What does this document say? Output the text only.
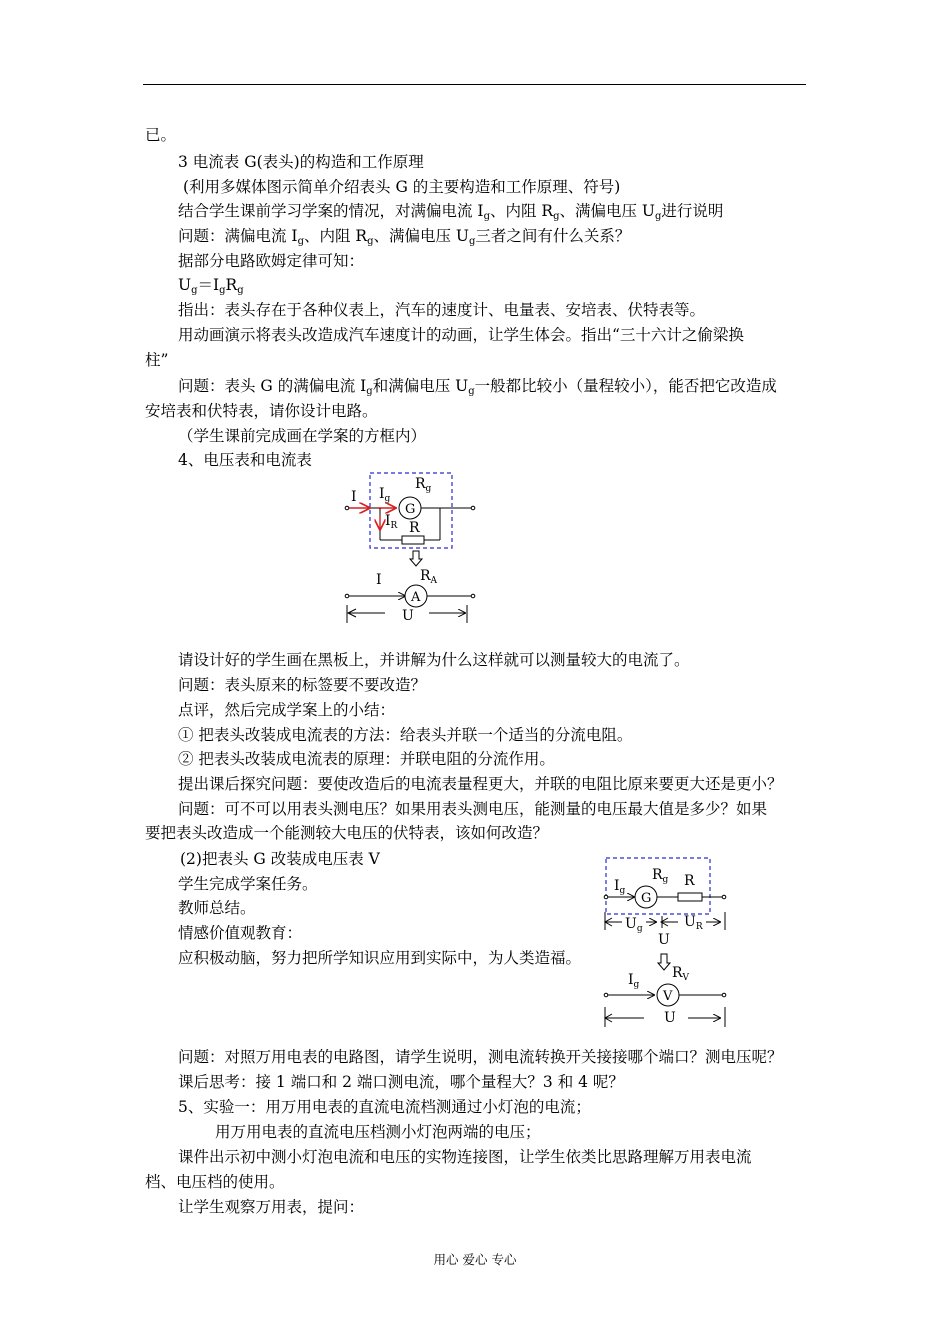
已。
3 电流表 G(表头)的构造和工作原理
(利用多媒体图示简单介绍表头 G 的主要构造和工作原理、符号)
结合学生课前学习学案的情况，对满偏电流 $I_g$、内阻 $R_g$、满偏电压 $U_g$进行说明
问题：满偏电流 $I_g$、内阻 $R_g$、满偏电压 $U_g$三者之间有什么关系？
据部分电路欧姆定律可知：
$U_g=I_gR_g$
指出：表头存在于各种仪表上，汽车的速度计、电量表、安培表、伏特表等。
用动画演示将表头改造成汽车速度计的动画，让学生体会。指出“三十六计之偷梁换
柱”
问题：表头 G 的满偏电流 $I_g$和满偏电压 $U_g$一般都比较小（量程较小），能否把它改造成
安培表和伏特表，请你设计电路。
（学生课前完成画在学案的方框内）
4、电压表和电流表
I $I_g$
$R_g$
G
$I_R$ R
I	$R_A$
A
U
请设计好的学生画在黑板上，并讲解为什么这样就可以测量较大的电流了。
问题：表头原来的标签要不要改造？
点评，然后完成学案上的小结：
① 把表头改装成电流表的方法：给表头并联一个适当的分流电阻。
② 把表头改装成电流表的原理：并联电阻的分流作用。
提出课后探究问题：要使改造后的电流表量程更大，并联的电阻比原来要更大还是更小？
问题：可不可以用表头测电压？如果用表头测电压，能测量的电压最大值是多少？如果
要把表头改造成一个能测较大电压的伏特表，该如何改造？
(2)把表头 G 改装成电压表 V
学生完成学案任务。
教师总结。
情感价值观教育：
应积极动脑，努力把所学知识应用到实际中，为人类造福。
$I_g$
$R_g$
G
R
$U_g$	$U_R$
U
$I_g$
$R_V$
V
U
问题：对照万用电表的电路图，请学生说明，测电流转换开关接接哪个端口？测电压呢？
课后思考：接 1 端口和 2 端口测电流，哪个量程大？3 和 4 呢？
5、实验一：用万用电表的直流电流档测通过小灯泡的电流；
用万用电表的直流电压档测小灯泡两端的电压；
课件出示初中测小灯泡电流和电压的实物连接图，让学生依类比思路理解万用表电流
档、电压档的使用。
让学生观察万用表，提问：
用心 爱心 专心
